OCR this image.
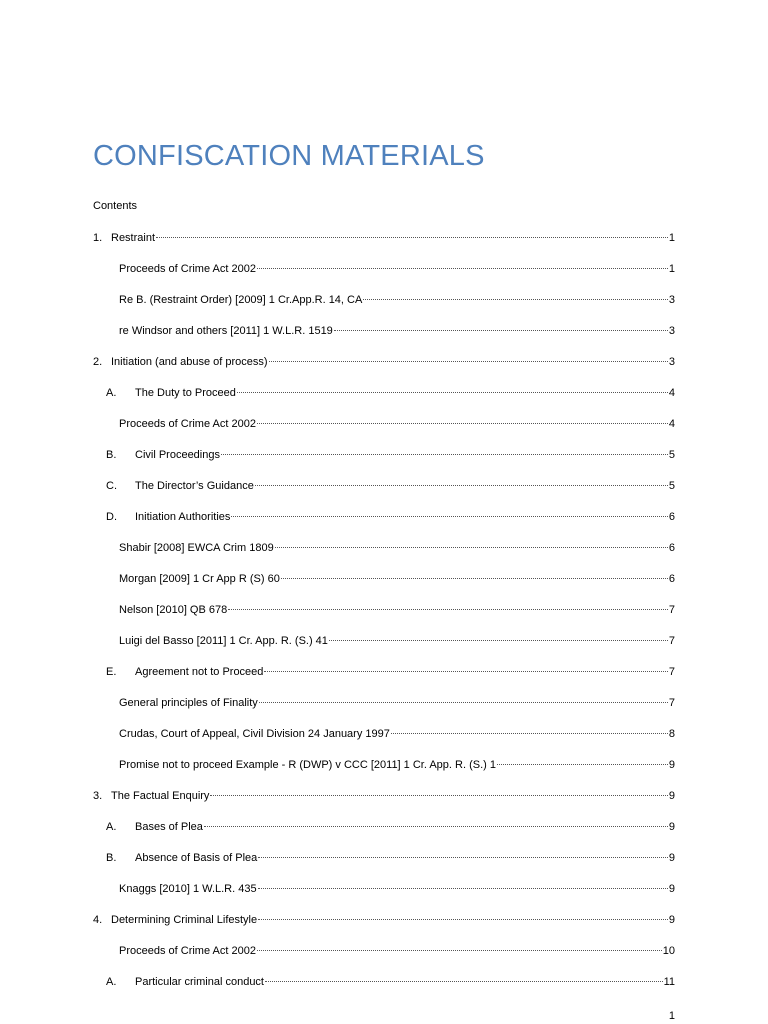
CONFISCATION MATERIALS
Contents
1. Restraint	1
Proceeds of Crime Act 2002	1
Re B. (Restraint Order) [2009] 1 Cr.App.R. 14, CA	3
re Windsor and others [2011] 1 W.L.R. 1519	3
2. Initiation (and abuse of process)	3
A.	The Duty to Proceed	4
Proceeds of Crime Act 2002	4
B.	Civil Proceedings	5
C.	The Director’s Guidance	5
D.	Initiation Authorities	6
Shabir [2008] EWCA Crim 1809	6
Morgan [2009] 1 Cr App R (S) 60	6
Nelson [2010] QB 678	7
Luigi del Basso [2011] 1 Cr. App. R. (S.) 41	7
E.	Agreement not to Proceed	7
General principles of Finality	7
Crudas, Court of Appeal, Civil Division 24 January 1997	8
Promise not to proceed Example - R (DWP) v CCC [2011] 1 Cr. App. R. (S.) 1	9
3. The Factual Enquiry	9
A.	Bases of Plea	9
B.	Absence of Basis of Plea	9
Knaggs [2010] 1 W.L.R. 435	9
4. Determining Criminal Lifestyle	9
Proceeds of Crime Act 2002	10
A.	Particular criminal conduct	11
1
